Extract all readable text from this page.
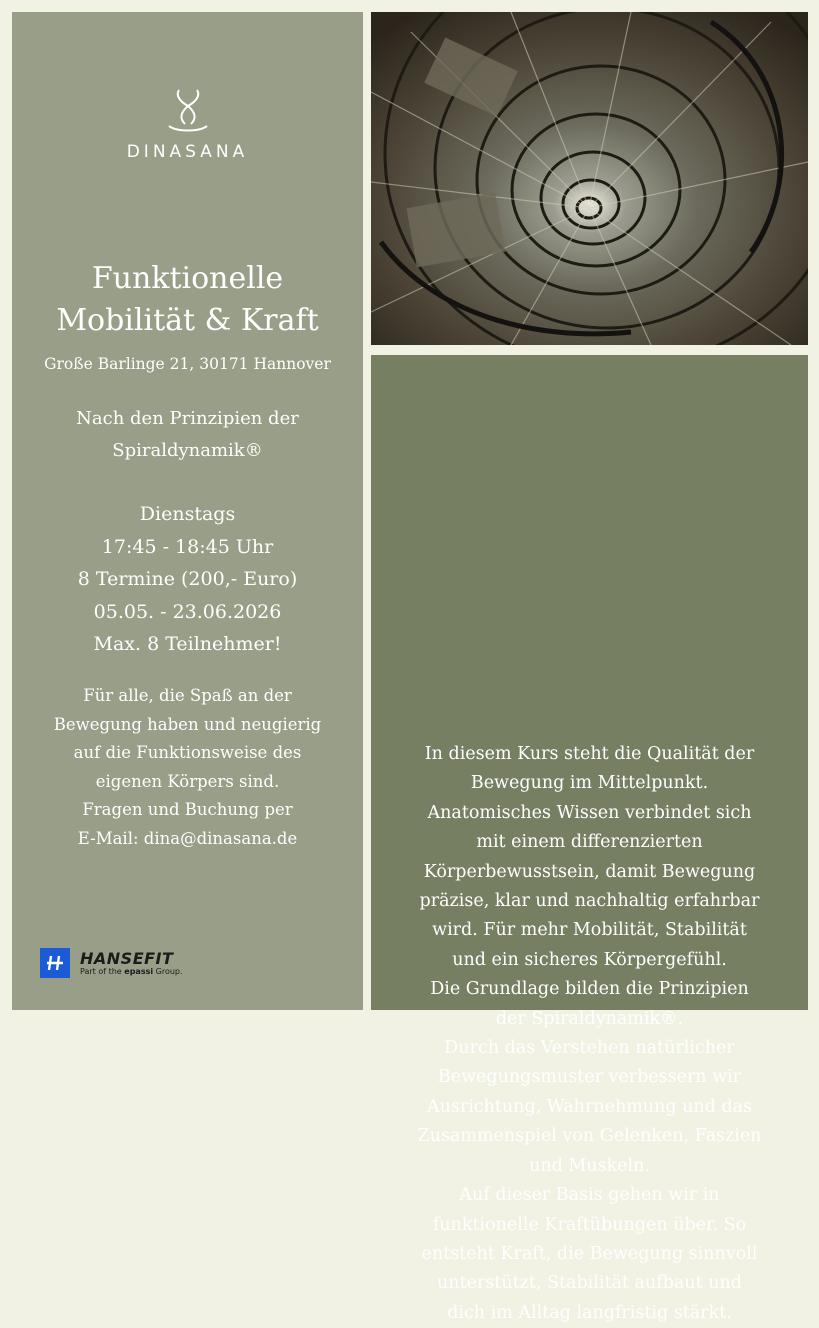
DINASANA
Funktionelle
Mobilität & Kraft
Große Barlinge 21, 30171 Hannover
Nach den Prinzipien der
Spiraldynamik®
Dienstags
17:45 - 18:45 Uhr
8 Termine (200,- Euro)
05.05. - 23.06.2026
Max. 8 Teilnehmer!
Für alle, die Spaß an der
Bewegung haben und neugierig
auf die Funktionsweise des
eigenen Körpers sind.
Fragen und Buchung per
E-Mail: dina@dinasana.de
HANSEFIT
Part of the epassi Group.
In diesem Kurs steht die Qualität der
Bewegung im Mittelpunkt.
Anatomisches Wissen verbindet sich
mit einem differenzierten
Körperbewusstsein, damit Bewegung
präzise, klar und nachhaltig erfahrbar
wird. Für mehr Mobilität, Stabilität
und ein sicheres Körpergefühl.
Die Grundlage bilden die Prinzipien
der Spiraldynamik®.
Durch das Verstehen natürlicher
Bewegungsmuster verbessern wir
Ausrichtung, Wahrnehmung und das
Zusammenspiel von Gelenken, Faszien
und Muskeln.
Auf dieser Basis gehen wir in
funktionelle Kraftübungen über. So
entsteht Kraft, die Bewegung sinnvoll
unterstützt, Stabilität aufbaut und
dich im Alltag langfristig stärkt.
